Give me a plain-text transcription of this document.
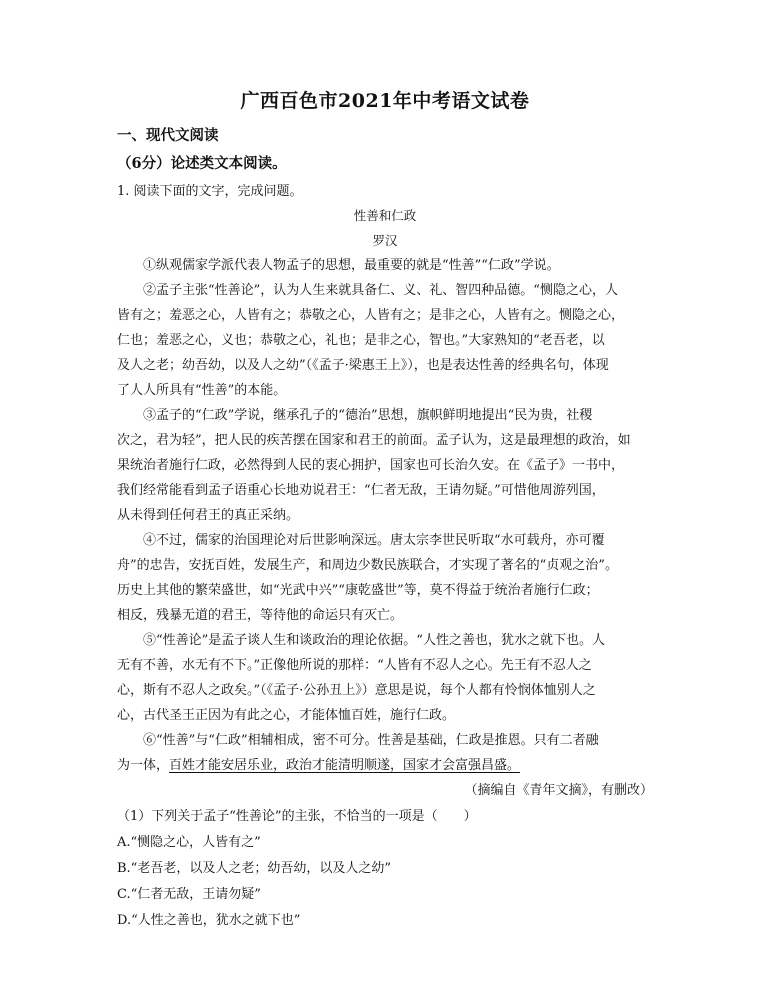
广西百色市2021年中考语文试卷
一、现代文阅读
（6分）论述类文本阅读。
1. 阅读下面的文字，完成问题。
性善和仁政
罗汉
①纵观儒家学派代表人物孟子的思想，最重要的就是“性善”“仁政”学说。
②孟子主张“性善论”，认为人生来就具备仁、义、礼、智四种品德。“恻隐之心，人
皆有之；羞恶之心，人皆有之；恭敬之心，人皆有之；是非之心，人皆有之。恻隐之心，
仁也；羞恶之心，义也；恭敬之心，礼也；是非之心，智也。”大家熟知的“老吾老，以
及人之老；幼吾幼，以及人之幼”（《孟子·梁惠王上》），也是表达性善的经典名句，体现
了人人所具有“性善”的本能。
③孟子的“仁政”学说，继承孔子的“德治”思想，旗帜鲜明地提出“民为贵，社稷
次之，君为轻”，把人民的疾苦摆在国家和君王的前面。孟子认为，这是最理想的政治，如
果统治者施行仁政，必然得到人民的衷心拥护，国家也可长治久安。在《孟子》一书中，
我们经常能看到孟子语重心长地劝说君王：“仁者无敌，王请勿疑。”可惜他周游列国，
从未得到任何君王的真正采纳。
④不过，儒家的治国理论对后世影响深远。唐太宗李世民听取“水可载舟，亦可覆
舟”的忠告，安抚百姓，发展生产，和周边少数民族联合，才实现了著名的“贞观之治”。
历史上其他的繁荣盛世，如“光武中兴”“康乾盛世”等，莫不得益于统治者施行仁政；
相反，残暴无道的君王，等待他的命运只有灭亡。
⑤“性善论”是孟子谈人生和谈政治的理论依据。“人性之善也，犹水之就下也。人
无有不善，水无有不下。”正像他所说的那样：“人皆有不忍人之心。先王有不忍人之
心，斯有不忍人之政矣。”（《孟子·公孙丑上》）意思是说，每个人都有怜悯体恤别人之
心，古代圣王正因为有此之心，才能体恤百姓，施行仁政。
⑥“性善”与“仁政”相辅相成，密不可分。性善是基础，仁政是推恩。只有二者融
为一体，百姓才能安居乐业，政治才能清明顺遂，国家才会富强昌盛。
（摘编自《青年文摘》，有删改）
（1）下列关于孟子“性善论”的主张，不恰当的一项是（　　）
A.“恻隐之心，人皆有之”
B.“老吾老，以及人之老；幼吾幼，以及人之幼”
C.“仁者无敌，王请勿疑”
D.“人性之善也，犹水之就下也”
